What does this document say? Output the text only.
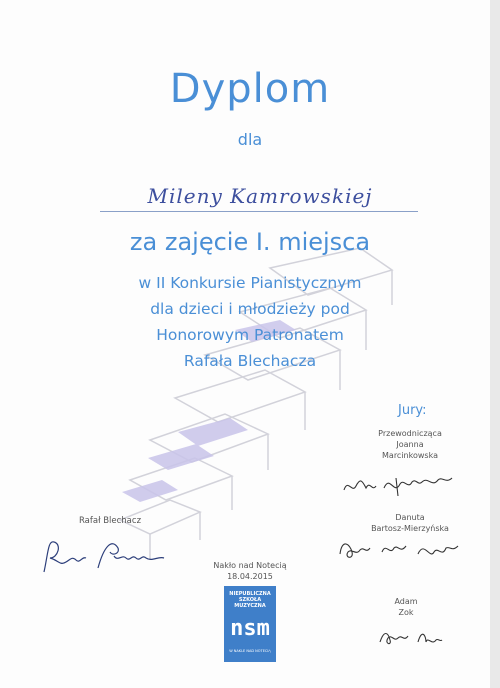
Dyplom
dla
Mileny Kamrowskiej
za zajęcie I. miejsca
w II Konkursie Pianistycznym
dla dzieci i młodzieży pod
Honorowym Patronatem
Rafała Blechacza
Jury:
Przewodnicząca
Joanna
Marcinkowska
Danuta
Bartosz-Mierzyńska
Adam
Zok
Rafał Blechacz
Nakło nad Notecią
18.04.2015
NIEPUBLICZNA SZKOŁA MUZYCZNA
nsm
W NAKLE NAD NOTECIĄ
